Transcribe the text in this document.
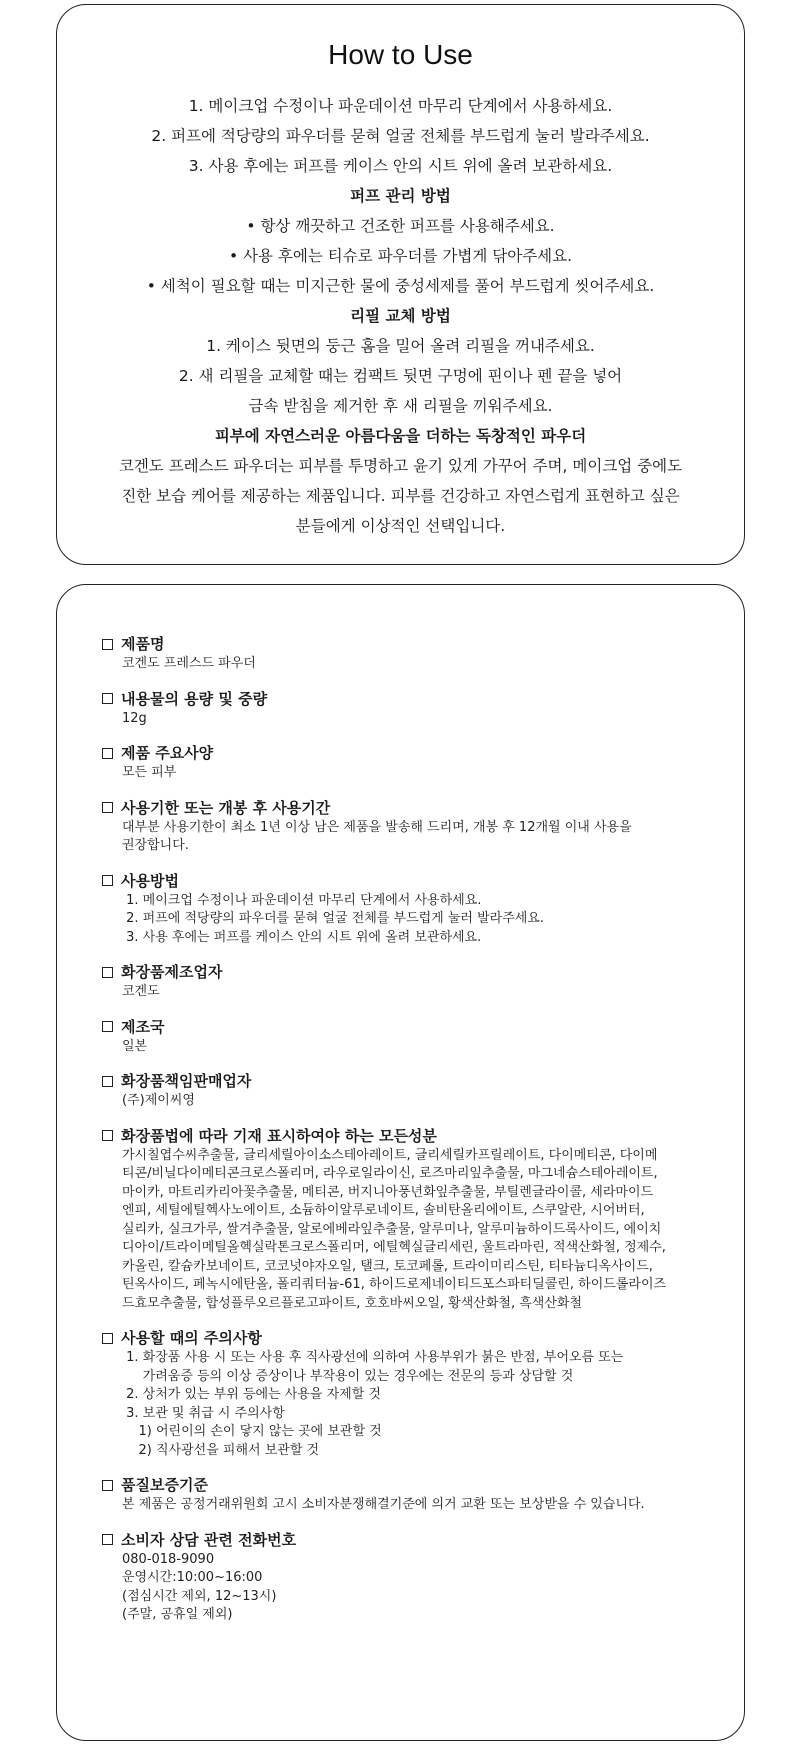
How to Use
1. 메이크업 수정이나 파운데이션 마무리 단계에서 사용하세요.
2. 퍼프에 적당량의 파우더를 묻혀 얼굴 전체를 부드럽게 눌러 발라주세요.
3. 사용 후에는 퍼프를 케이스 안의 시트 위에 올려 보관하세요.
퍼프 관리 방법
• 항상 깨끗하고 건조한 퍼프를 사용해주세요.
• 사용 후에는 티슈로 파우더를 가볍게 닦아주세요.
• 세척이 필요할 때는 미지근한 물에 중성세제를 풀어 부드럽게 씻어주세요.
리필 교체 방법
1. 케이스 뒷면의 둥근 홈을 밀어 올려 리필을 꺼내주세요.
2. 새 리필을 교체할 때는 컴팩트 뒷면 구멍에 핀이나 펜 끝을 넣어
금속 받침을 제거한 후 새 리필을 끼워주세요.
피부에 자연스러운 아름다움을 더하는 독창적인 파우더
코겐도 프레스드 파우더는 피부를 투명하고 윤기 있게 가꾸어 주며, 메이크업 중에도
진한 보습 케어를 제공하는 제품입니다. 피부를 건강하고 자연스럽게 표현하고 싶은
분들에게 이상적인 선택입니다.
제품명
코겐도 프레스드 파우더
내용물의 용량 및 중량
12g
제품 주요사양
모든 피부
사용기한 또는 개봉 후 사용기간
대부분 사용기한이 최소 1년 이상 남은 제품을 발송해 드리며, 개봉 후 12개월 이내 사용을
권장합니다.
사용방법
1. 메이크업 수정이나 파운데이션 마무리 단계에서 사용하세요.
2. 퍼프에 적당량의 파우더를 묻혀 얼굴 전체를 부드럽게 눌러 발라주세요.
3. 사용 후에는 퍼프를 케이스 안의 시트 위에 올려 보관하세요.
화장품제조업자
코겐도
제조국
일본
화장품책임판매업자
(주)제이씨영
화장품법에 따라 기재 표시하여야 하는 모든성분
가시칠엽수씨추출물, 글리세릴아이소스테아레이트, 글리세릴카프릴레이트, 다이메티콘, 다이메
티콘/비닐다이메티콘크로스폴리머, 라우로일라이신, 로즈마리잎추출물, 마그네슘스테아레이트,
마이카, 마트리카리아꽃추출물, 메티콘, 버지니아풍년화잎추출물, 부틸렌글라이콜, 세라마이드
엔피, 세틸에틸헥사노에이트, 소듐하이알루로네이트, 솔비탄올리에이트, 스쿠알란, 시어버터,
실리카, 실크가루, 쌀겨추출물, 알로에베라잎추출물, 알루미나, 알루미늄하이드록사이드, 에이치
디아이/트라이메틸올헥실락톤크로스폴리머, 에틸헥실글리세린, 울트라마린, 적색산화철, 정제수,
카올린, 칼슘카보네이트, 코코넛야자오일, 탤크, 토코페롤, 트라이미리스틴, 티타늄디옥사이드,
틴옥사이드, 페녹시에탄올, 폴리쿼터늄-61, 하이드로제네이티드포스파티딜콜린, 하이드롤라이즈
드효모추출물, 합성플루오르플로고파이트, 호호바씨오일, 황색산화철, 흑색산화철
사용할 때의 주의사항
1. 화장품 사용 시 또는 사용 후 직사광선에 의하여 사용부위가 붉은 반점, 부어오름 또는
가려움증 등의 이상 증상이나 부작용이 있는 경우에는 전문의 등과 상담할 것
2. 상처가 있는 부위 등에는 사용을 자제할 것
3. 보관 및 취급 시 주의사항
1) 어린이의 손이 닿지 않는 곳에 보관할 것
2) 직사광선을 피해서 보관할 것
품질보증기준
본 제품은 공정거래위원회 고시 소비자분쟁해결기준에 의거 교환 또는 보상받을 수 있습니다.
소비자 상담 관련 전화번호
080-018-9090
운영시간:10:00~16:00
(점심시간 제외, 12~13시)
(주말, 공휴일 제외)
